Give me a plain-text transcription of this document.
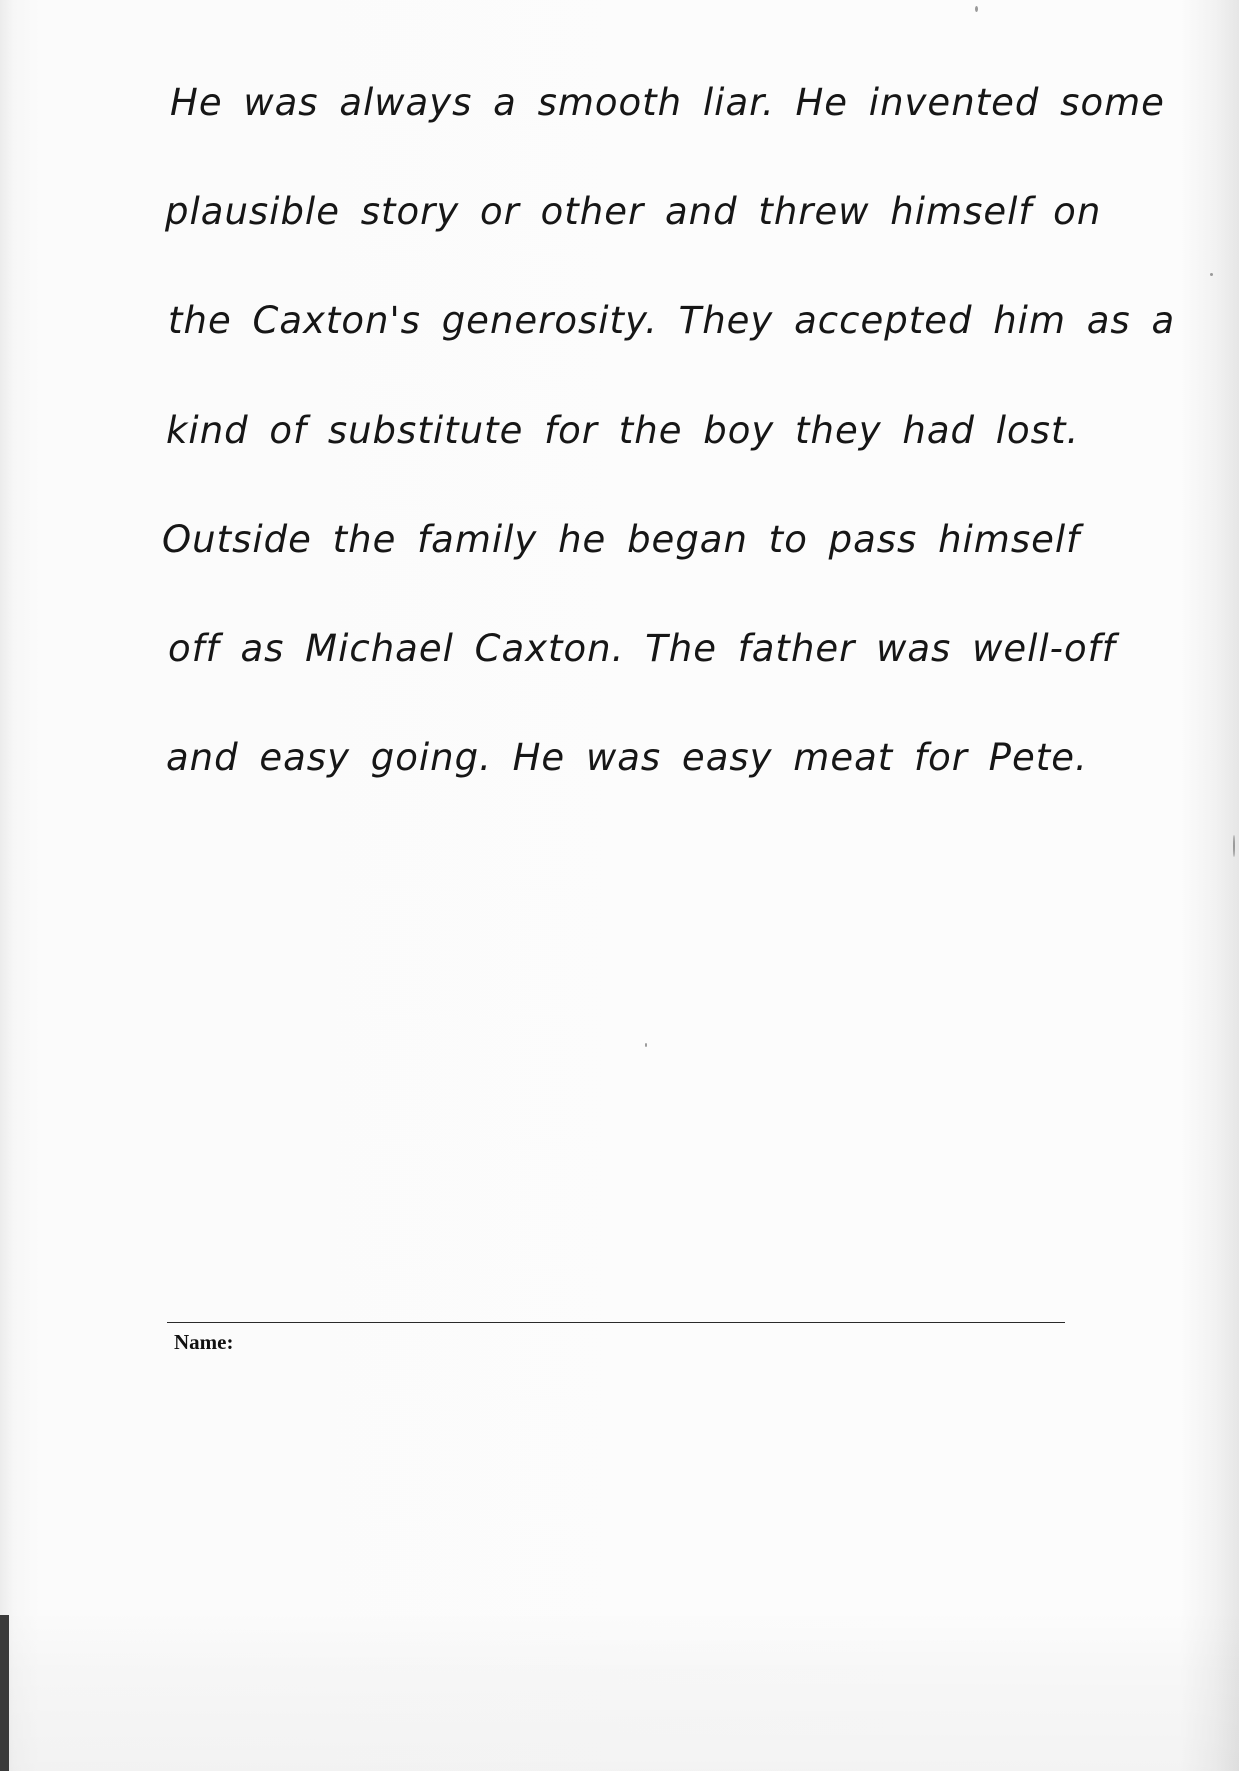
He was always a smooth liar. He invented some
plausible story or other and threw himself on
the Caxton's generosity. They accepted him as a
kind of substitute for the boy they had lost.
Outside the family he began to pass himself
off as Michael Caxton. The father was well-off
and easy going. He was easy meat for Pete.
Name:
